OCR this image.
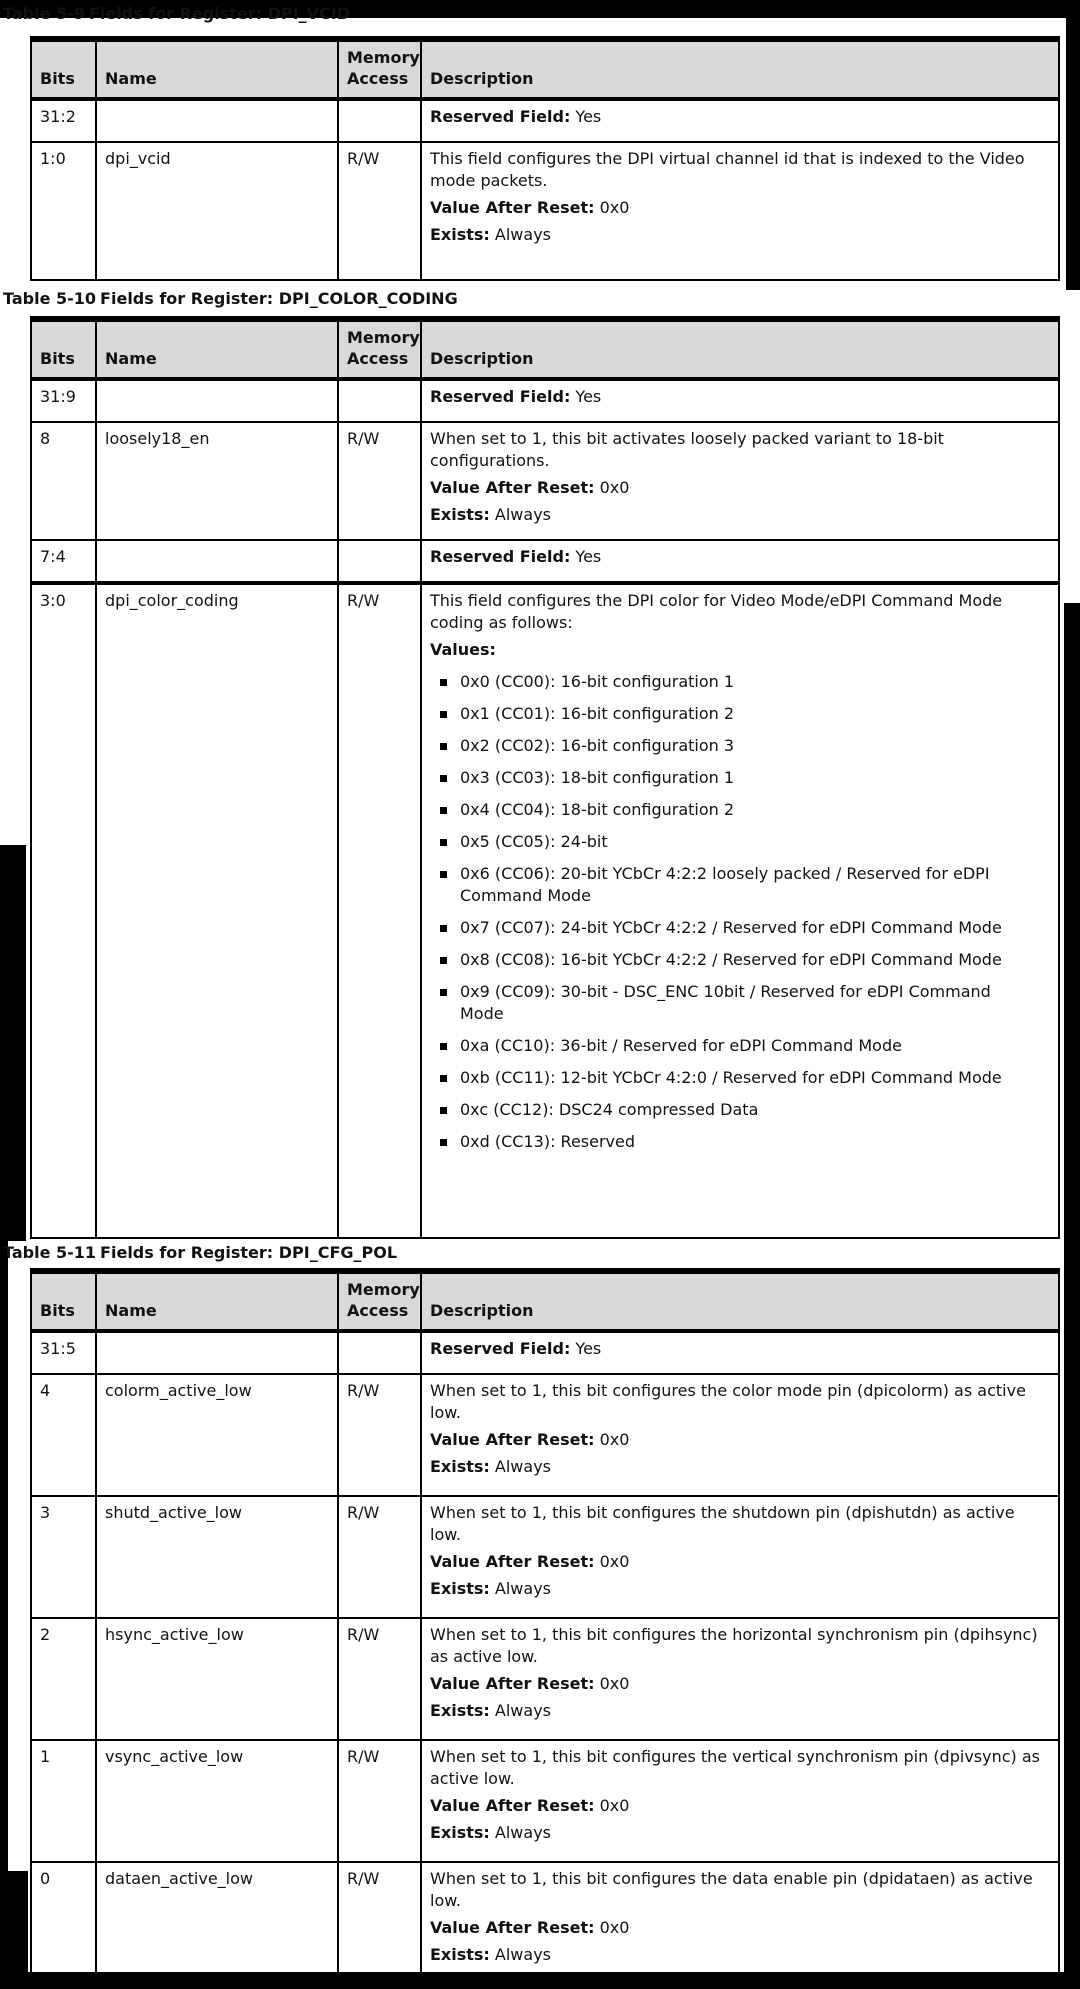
Table 5-9 Fields for Register: DPI_VCID
Bits	Name	Memory Access	Description
31:2			Reserved Field: Yes

1:0	dpi_vcid	R/W	This field configures the DPI virtual channel id that is indexed to the Video mode packets.
Value After Reset: 0x0
Exists: Always
Table 5-10 Fields for Register: DPI_COLOR_CODING
Bits	Name	Memory Access	Description
31:9			Reserved Field: Yes

8	loosely18_en	R/W	When set to 1, this bit activates loosely packed variant to 18-bit configurations.
Value After Reset: 0x0
Exists: Always

7:4			Reserved Field: Yes

3:0	dpi_color_coding	R/W	This field configures the DPI color for Video Mode/eDPI Command Mode coding as follows:
Values:
0x0 (CC00): 16-bit configuration 1
0x1 (CC01): 16-bit configuration 2
0x2 (CC02): 16-bit configuration 3
0x3 (CC03): 18-bit configuration 1
0x4 (CC04): 18-bit configuration 2
0x5 (CC05): 24-bit
0x6 (CC06): 20-bit YCbCr 4:2:2 loosely packed / Reserved for eDPI Command Mode
0x7 (CC07): 24-bit YCbCr 4:2:2 / Reserved for eDPI Command Mode
0x8 (CC08): 16-bit YCbCr 4:2:2 / Reserved for eDPI Command Mode
0x9 (CC09): 30-bit - DSC_ENC 10bit / Reserved for eDPI Command Mode
0xa (CC10): 36-bit / Reserved for eDPI Command Mode
0xb (CC11): 12-bit YCbCr 4:2:0 / Reserved for eDPI Command Mode
0xc (CC12): DSC24 compressed Data
0xd (CC13): Reserved
Table 5-11 Fields for Register: DPI_CFG_POL
Bits	Name	Memory Access	Description
31:5			Reserved Field: Yes

4	colorm_active_low	R/W	When set to 1, this bit configures the color mode pin (dpicolorm) as active low.
Value After Reset: 0x0
Exists: Always

3	shutd_active_low	R/W	When set to 1, this bit configures the shutdown pin (dpishutdn) as active low.
Value After Reset: 0x0
Exists: Always

2	hsync_active_low	R/W	When set to 1, this bit configures the horizontal synchronism pin (dpihsync) as active low.
Value After Reset: 0x0
Exists: Always

1	vsync_active_low	R/W	When set to 1, this bit configures the vertical synchronism pin (dpivsync) as active low.
Value After Reset: 0x0
Exists: Always

0	dataen_active_low	R/W	When set to 1, this bit configures the data enable pin (dpidataen) as active low.
Value After Reset: 0x0
Exists: Always
